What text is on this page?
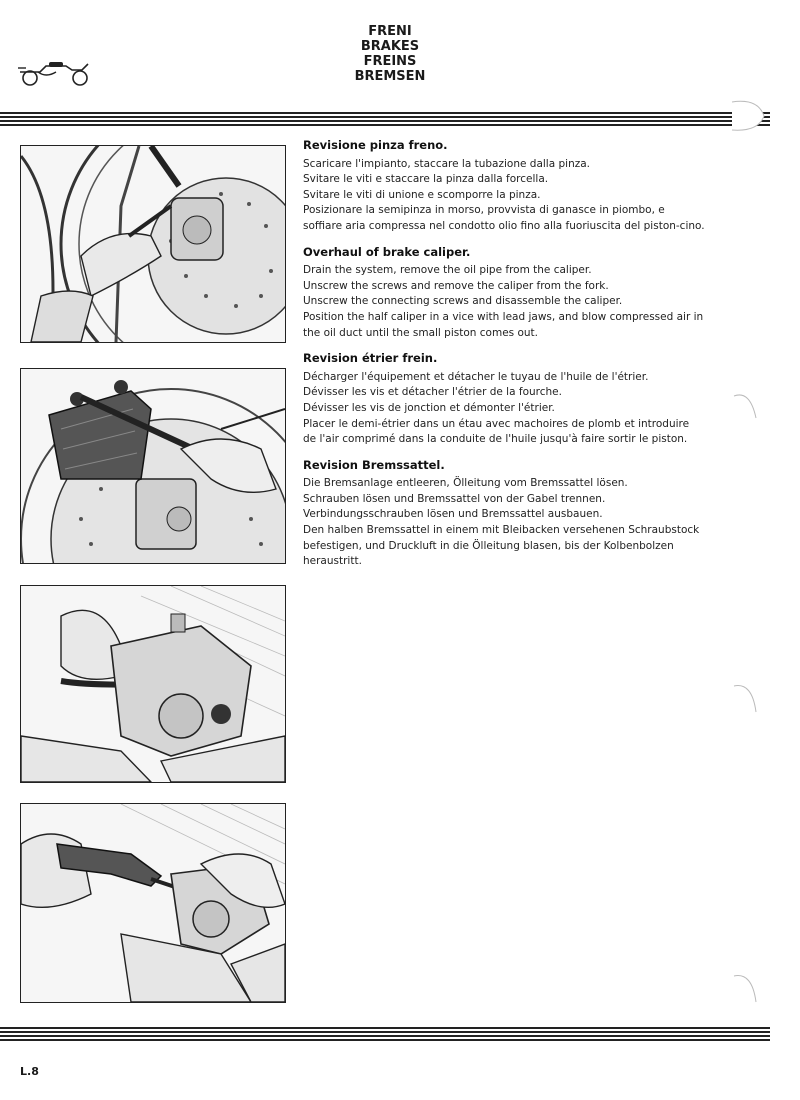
FRENI
BRAKES
FREINS
BREMSEN
Revisione pinza freno.

Scaricare l'impianto, staccare la tubazione dalla pinza.

Svitare le viti e staccare la pinza dalla forcella.

Svitare le viti di unione e scomporre la pinza.

Posizionare la semipinza in morso, provvista di ganasce in piombo, e soffiare aria compressa nel condotto olio fino alla fuoriuscita del piston-cino.

Overhaul of brake caliper.

Drain the system, remove the oil pipe from the caliper.

Unscrew the screws and remove the caliper from the fork.

Unscrew the connecting screws and disassemble the caliper.

Position the half caliper in a vice with lead jaws, and blow compressed air in the oil duct until the small piston comes out.

Revision étrier frein.

Décharger l'équipement et détacher le tuyau de l'huile de l'étrier.

Dévisser les vis et détacher l'étrier de la fourche.

Dévisser les vis de jonction et démonter l'étrier.

Placer le demi-étrier dans un étau avec machoires de plomb et introduire de l'air comprimé dans la conduite de l'huile jusqu'à faire sortir le piston.

Revision Bremssattel.

Die Bremsanlage entleeren, Ölleitung vom Bremssattel lösen.

Schrauben lösen und Bremssattel von der Gabel trennen.

Verbindungsschrauben lösen und Bremssattel ausbauen.

Den halben Bremssattel in einem mit Bleibacken versehenen Schraubstock befestigen, und Druckluft in die Ölleitung blasen, bis der Kolbenbolzen heraustritt.

L.8
